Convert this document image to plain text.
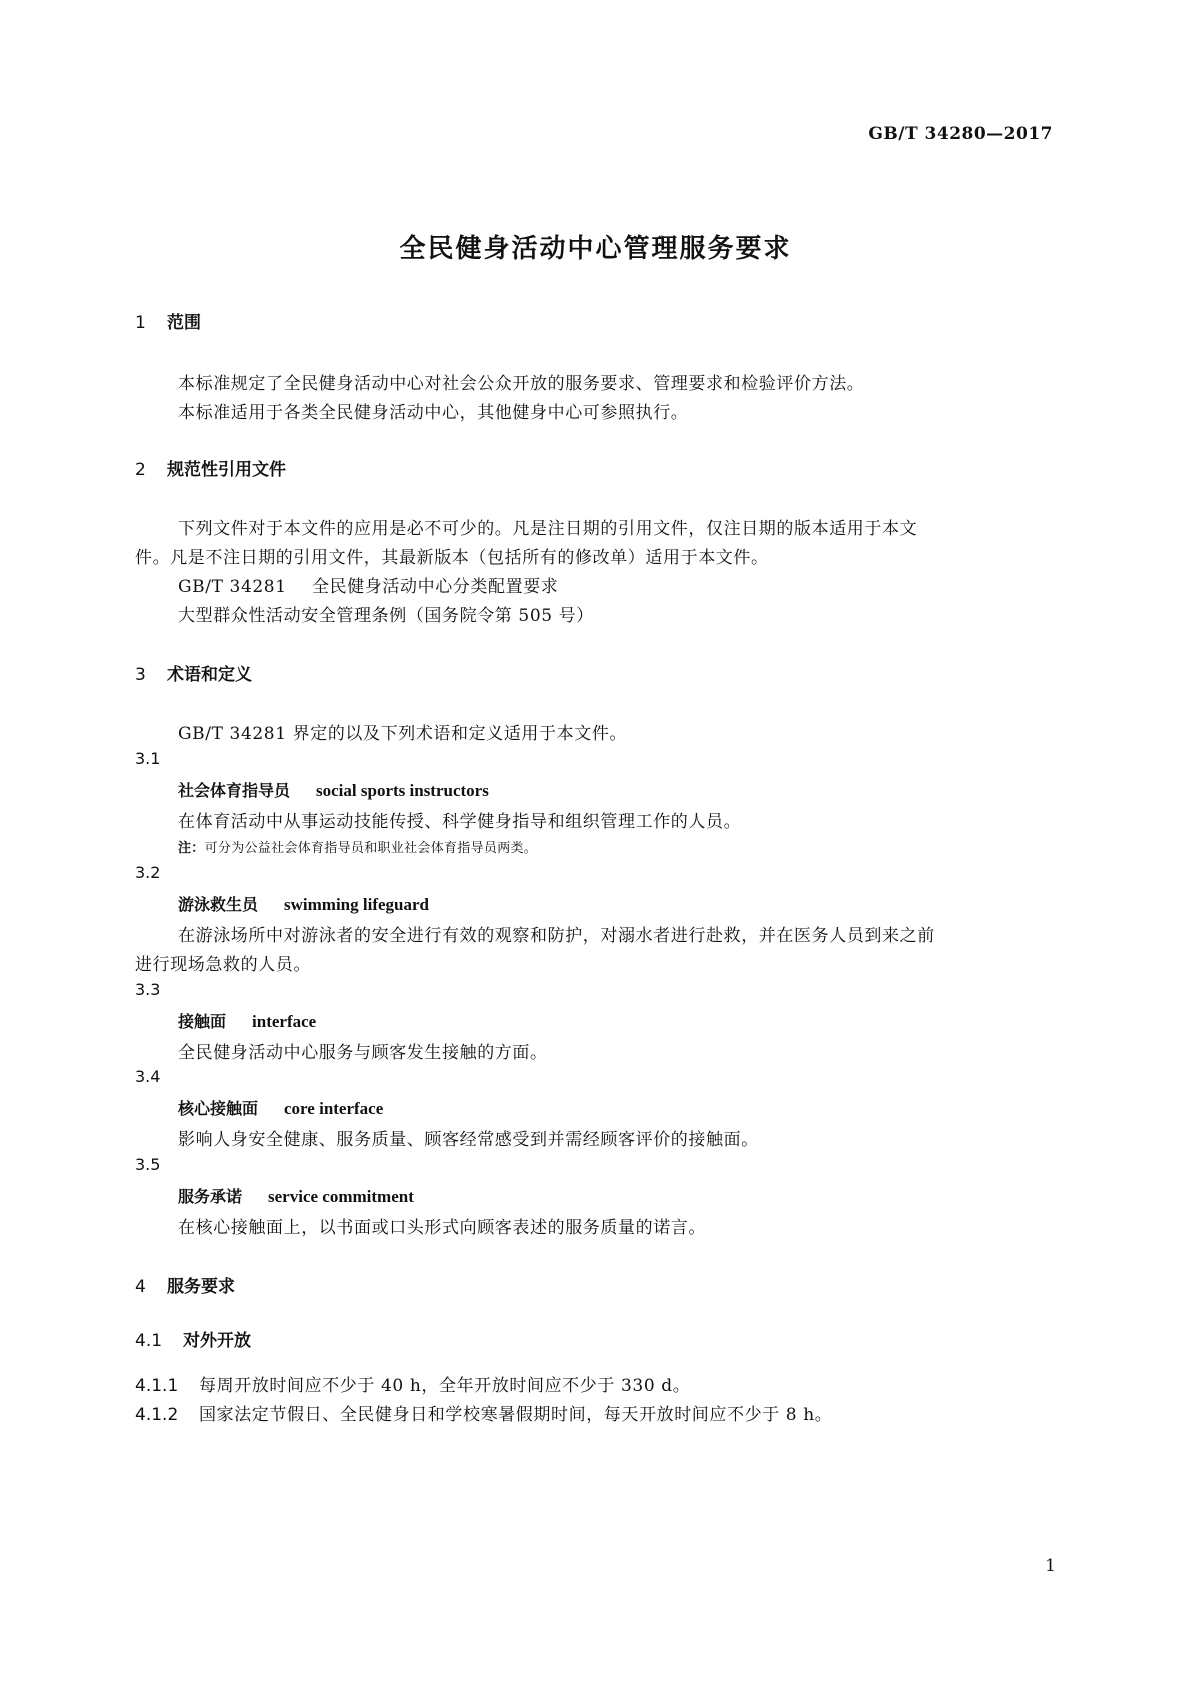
GB/T 34280—2017
全民健身活动中心管理服务要求
1 范围
本标准规定了全民健身活动中心对社会公众开放的服务要求、管理要求和检验评价方法。
本标准适用于各类全民健身活动中心，其他健身中心可参照执行。
2 规范性引用文件
下列文件对于本文件的应用是必不可少的。凡是注日期的引用文件，仅注日期的版本适用于本文
件。凡是不注日期的引用文件，其最新版本（包括所有的修改单）适用于本文件。
GB/T 34281 全民健身活动中心分类配置要求
大型群众性活动安全管理条例（国务院令第 505 号）
3 术语和定义
GB/T 34281 界定的以及下列术语和定义适用于本文件。
3.1
社会体育指导员 social sports instructors
在体育活动中从事运动技能传授、科学健身指导和组织管理工作的人员。
注：可分为公益社会体育指导员和职业社会体育指导员两类。
3.2
游泳救生员 swimming lifeguard
在游泳场所中对游泳者的安全进行有效的观察和防护，对溺水者进行赴救，并在医务人员到来之前
进行现场急救的人员。
3.3
接触面 interface
全民健身活动中心服务与顾客发生接触的方面。
3.4
核心接触面 core interface
影响人身安全健康、服务质量、顾客经常感受到并需经顾客评价的接触面。
3.5
服务承诺 service commitment
在核心接触面上，以书面或口头形式向顾客表述的服务质量的诺言。
4 服务要求
4.1 对外开放
4.1.1 每周开放时间应不少于 40 h，全年开放时间应不少于 330 d。
4.1.2 国家法定节假日、全民健身日和学校寒暑假期时间，每天开放时间应不少于 8 h。
1
